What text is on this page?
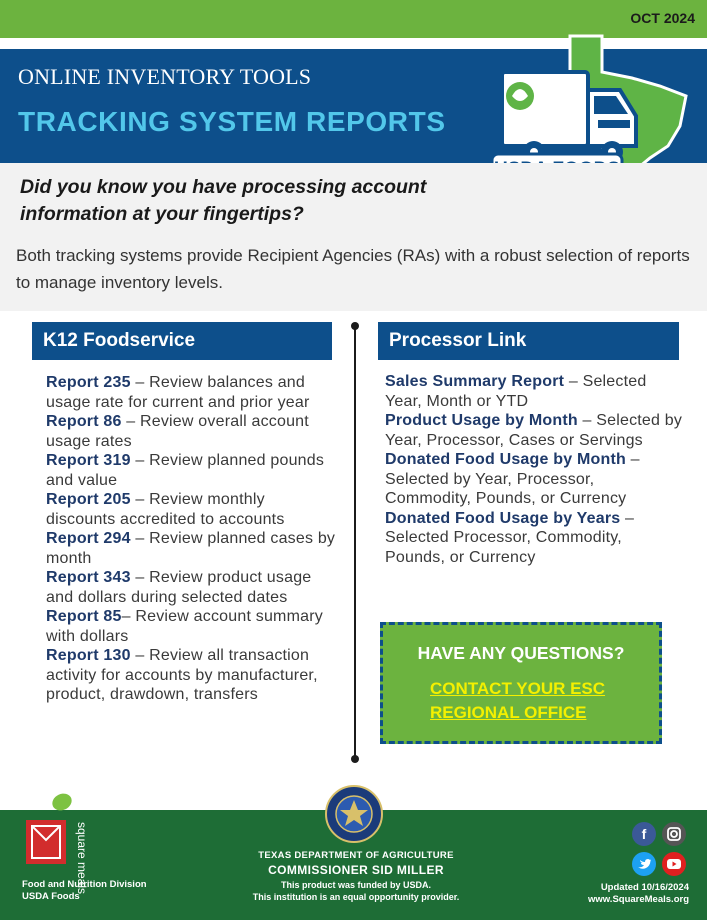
OCT 2024
ONLINE INVENTORY TOOLS
TRACKING SYSTEM REPORTS
Did you know you have processing account information at your fingertips?
Both tracking systems provide Recipient Agencies (RAs) with a robust selection of reports to manage inventory levels.
K12 Foodservice	Processor Link

Report 235 – Review balances and usage rate for current and prior year

Report 86 – Review overall account usage rates

Report 319 – Review planned pounds and value

Report 205 – Review monthly discounts accredited to accounts

Report 294 – Review planned cases by month

Report 343 – Review product usage and dollars during selected dates

Report 85– Review account summary with dollars

Report 130 – Review all transaction activity for accounts by manufacturer, product, drawdown, transfers

Sales Summary Report – Selected Year, Month or YTD

Product Usage by Month – Selected by Year, Processor, Cases or Servings

Donated Food Usage by Month – Selected by Year, Processor, Commodity, Pounds, or Currency

Donated Food Usage by Years – Selected Processor, Commodity, Pounds, or Currency

HAVE ANY QUESTIONS?
CONTACT YOUR ESC
REGIONAL OFFICE
square meals
Food and Nutrition Division
USDA Foods
TEXAS DEPARTMENT OF AGRICULTURE
COMMISSIONER SID MILLER
This product was funded by USDA.
This institution is an equal opportunity provider.
f
Updated 10/16/2024
www.SquareMeals.org
